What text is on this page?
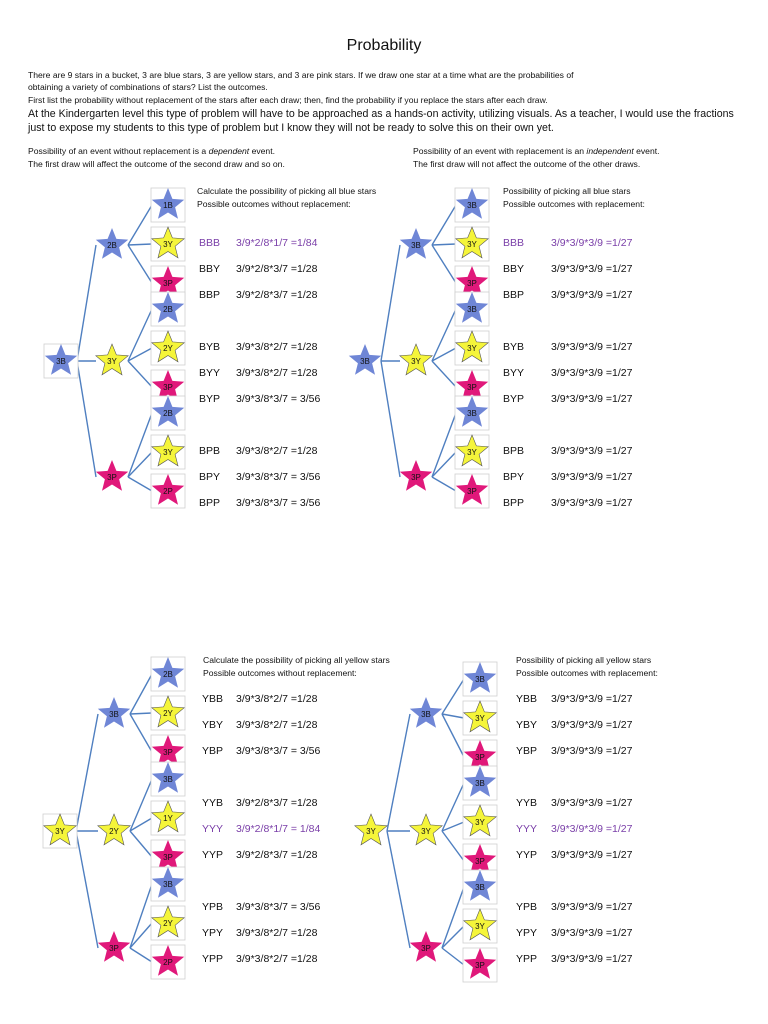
Probability
There are 9 stars in a bucket, 3 are blue stars, 3 are yellow stars, and 3 are pink stars. If we draw one star at a time what are the probabilities of
obtaining a variety of combinations of stars? List the outcomes.
First list the probability without replacement of the stars after each draw; then, find the probability if you replace the stars after each draw.
At the Kindergarten level this type of problem will have to be approached as a hands-on activity, utilizing visuals. As a teacher, I would use the fractions just to expose my students to this type of problem but I know they will not be ready to solve this on their own yet.
Possibility of an event without replacement is a dependent event.
The first draw will affect the outcome of the second draw and so on.
Possibility of an event with replacement is an independent event.
The first draw will not affect the outcome of the other draws.
Calculate the possibility of picking all blue stars
Possible outcomes without replacement:
3B
2B
3Y
3P
1B
3Y
3P
2B
2Y
3P
2B
3Y
2P
BBB 3/9*2/8*1/7 =1/84
BBY 3/9*2/8*3/7 =1/28
BBP 3/9*2/8*3/7 =1/28
BYB 3/9*3/8*2/7 =1/28
BYY 3/9*3/8*2/7 =1/28
BYP 3/9*3/8*3/7 = 3/56
BPB 3/9*3/8*2/7 =1/28
BPY 3/9*3/8*3/7 = 3/56
BPP 3/9*3/8*3/7 = 3/56
Possibility of picking all blue stars
Possible outcomes with replacement:
3B
3B
3Y
3P
3B
3Y
3P
3B
3Y
3P
3B
3Y
3P
BBB	3/9*3/9*3/9 =1/27
BBY	3/9*3/9*3/9 =1/27
BBP	3/9*3/9*3/9 =1/27
BYB	3/9*3/9*3/9 =1/27
BYY	3/9*3/9*3/9 =1/27
BYP	3/9*3/9*3/9 =1/27
BPB	3/9*3/9*3/9 =1/27
BPY	3/9*3/9*3/9 =1/27
BPP	3/9*3/9*3/9 =1/27
Calculate the possibility of picking all yellow stars
Possible outcomes without replacement:
3Y
3B
2Y
3P
2B
2Y
3P
3B
1Y
3P
3B
2Y
2P
YBB 3/9*3/8*2/7 =1/28
YBY 3/9*3/8*2/7 =1/28
YBP 3/9*3/8*3/7 = 3/56
YYB 3/9*2/8*3/7 =1/28
YYY 3/9*2/8*1/7 = 1/84
YYP 3/9*2/8*3/7 =1/28
YPB 3/9*3/8*3/7 = 3/56
YPY 3/9*3/8*2/7 =1/28
YPP 3/9*3/8*2/7 =1/28
Possibility of picking all yellow stars
Possible outcomes with replacement:
3Y
3B
3Y
3P
3B
3Y
3P
3B
3Y
3P
3B
3Y
3P
YBB 3/9*3/9*3/9 =1/27
YBY 3/9*3/9*3/9 =1/27
YBP 3/9*3/9*3/9 =1/27
YYB 3/9*3/9*3/9 =1/27
YYY 3/9*3/9*3/9 =1/27
YYP 3/9*3/9*3/9 =1/27
YPB 3/9*3/9*3/9 =1/27
YPY 3/9*3/9*3/9 =1/27
YPP 3/9*3/9*3/9 =1/27
